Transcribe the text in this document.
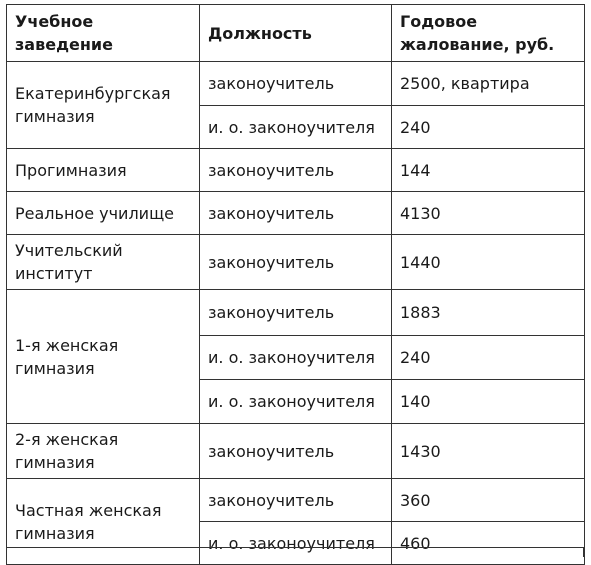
Учебное заведение	Должность	Годовое жалование, руб.
Екатеринбургская гимназия	законоучитель	2500, квартира
	и. о. законоучителя	240
Прогимназия	законоучитель	144
Реальное училище	законоучитель	4130
Учительский институт	законоучитель	1440
1-я женская гимназия	законоучитель	1883
	и. о. законоучителя	240
	и. о. законоучителя	140
2-я женская гимназия	законоучитель	1430
Частная женская гимназия	законоучитель	360
	и. о. законоучителя	460
